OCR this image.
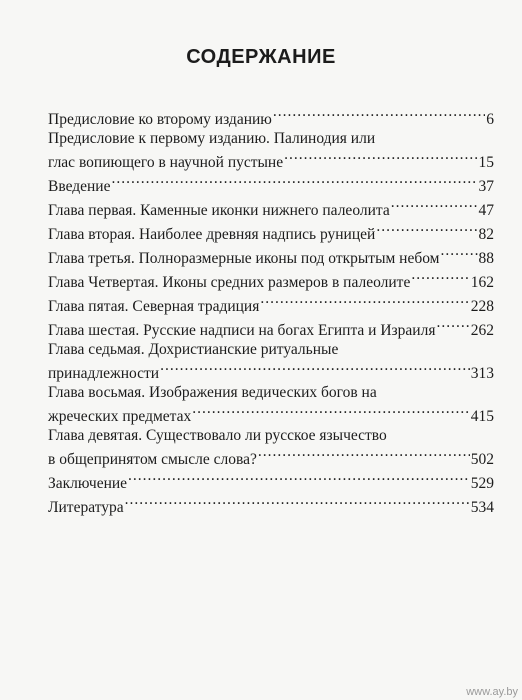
СОДЕРЖАНИЕ
Предисловие ко второму изданию .....	6
Предисловие к первому изданию. Палинодия или
глас вопиющего в научной пустыне .....	15
Введение .....	37
Глава первая. Каменные иконки нижнего палеолита .....	47
Глава вторая. Наиболее древняя надпись руницей .....	82
Глава третья. Полноразмерные иконы под открытым небом .....	88
Глава Четвертая. Иконы средних размеров в палеолите .....	162
Глава пятая. Северная традиция .....	228
Глава шестая. Русские надписи на богах Египта и Израиля ..... 262
Глава седьмая. Дохристианские ритуальные
принадлежности .....	313
Глава восьмая. Изображения ведических богов на
жреческих предметах .....	415
Глава девятая. Существовало ли русское язычество
в общепринятом смысле слова? .....	502
Заключение .....	529
Литература .....	534
www.ay.by
